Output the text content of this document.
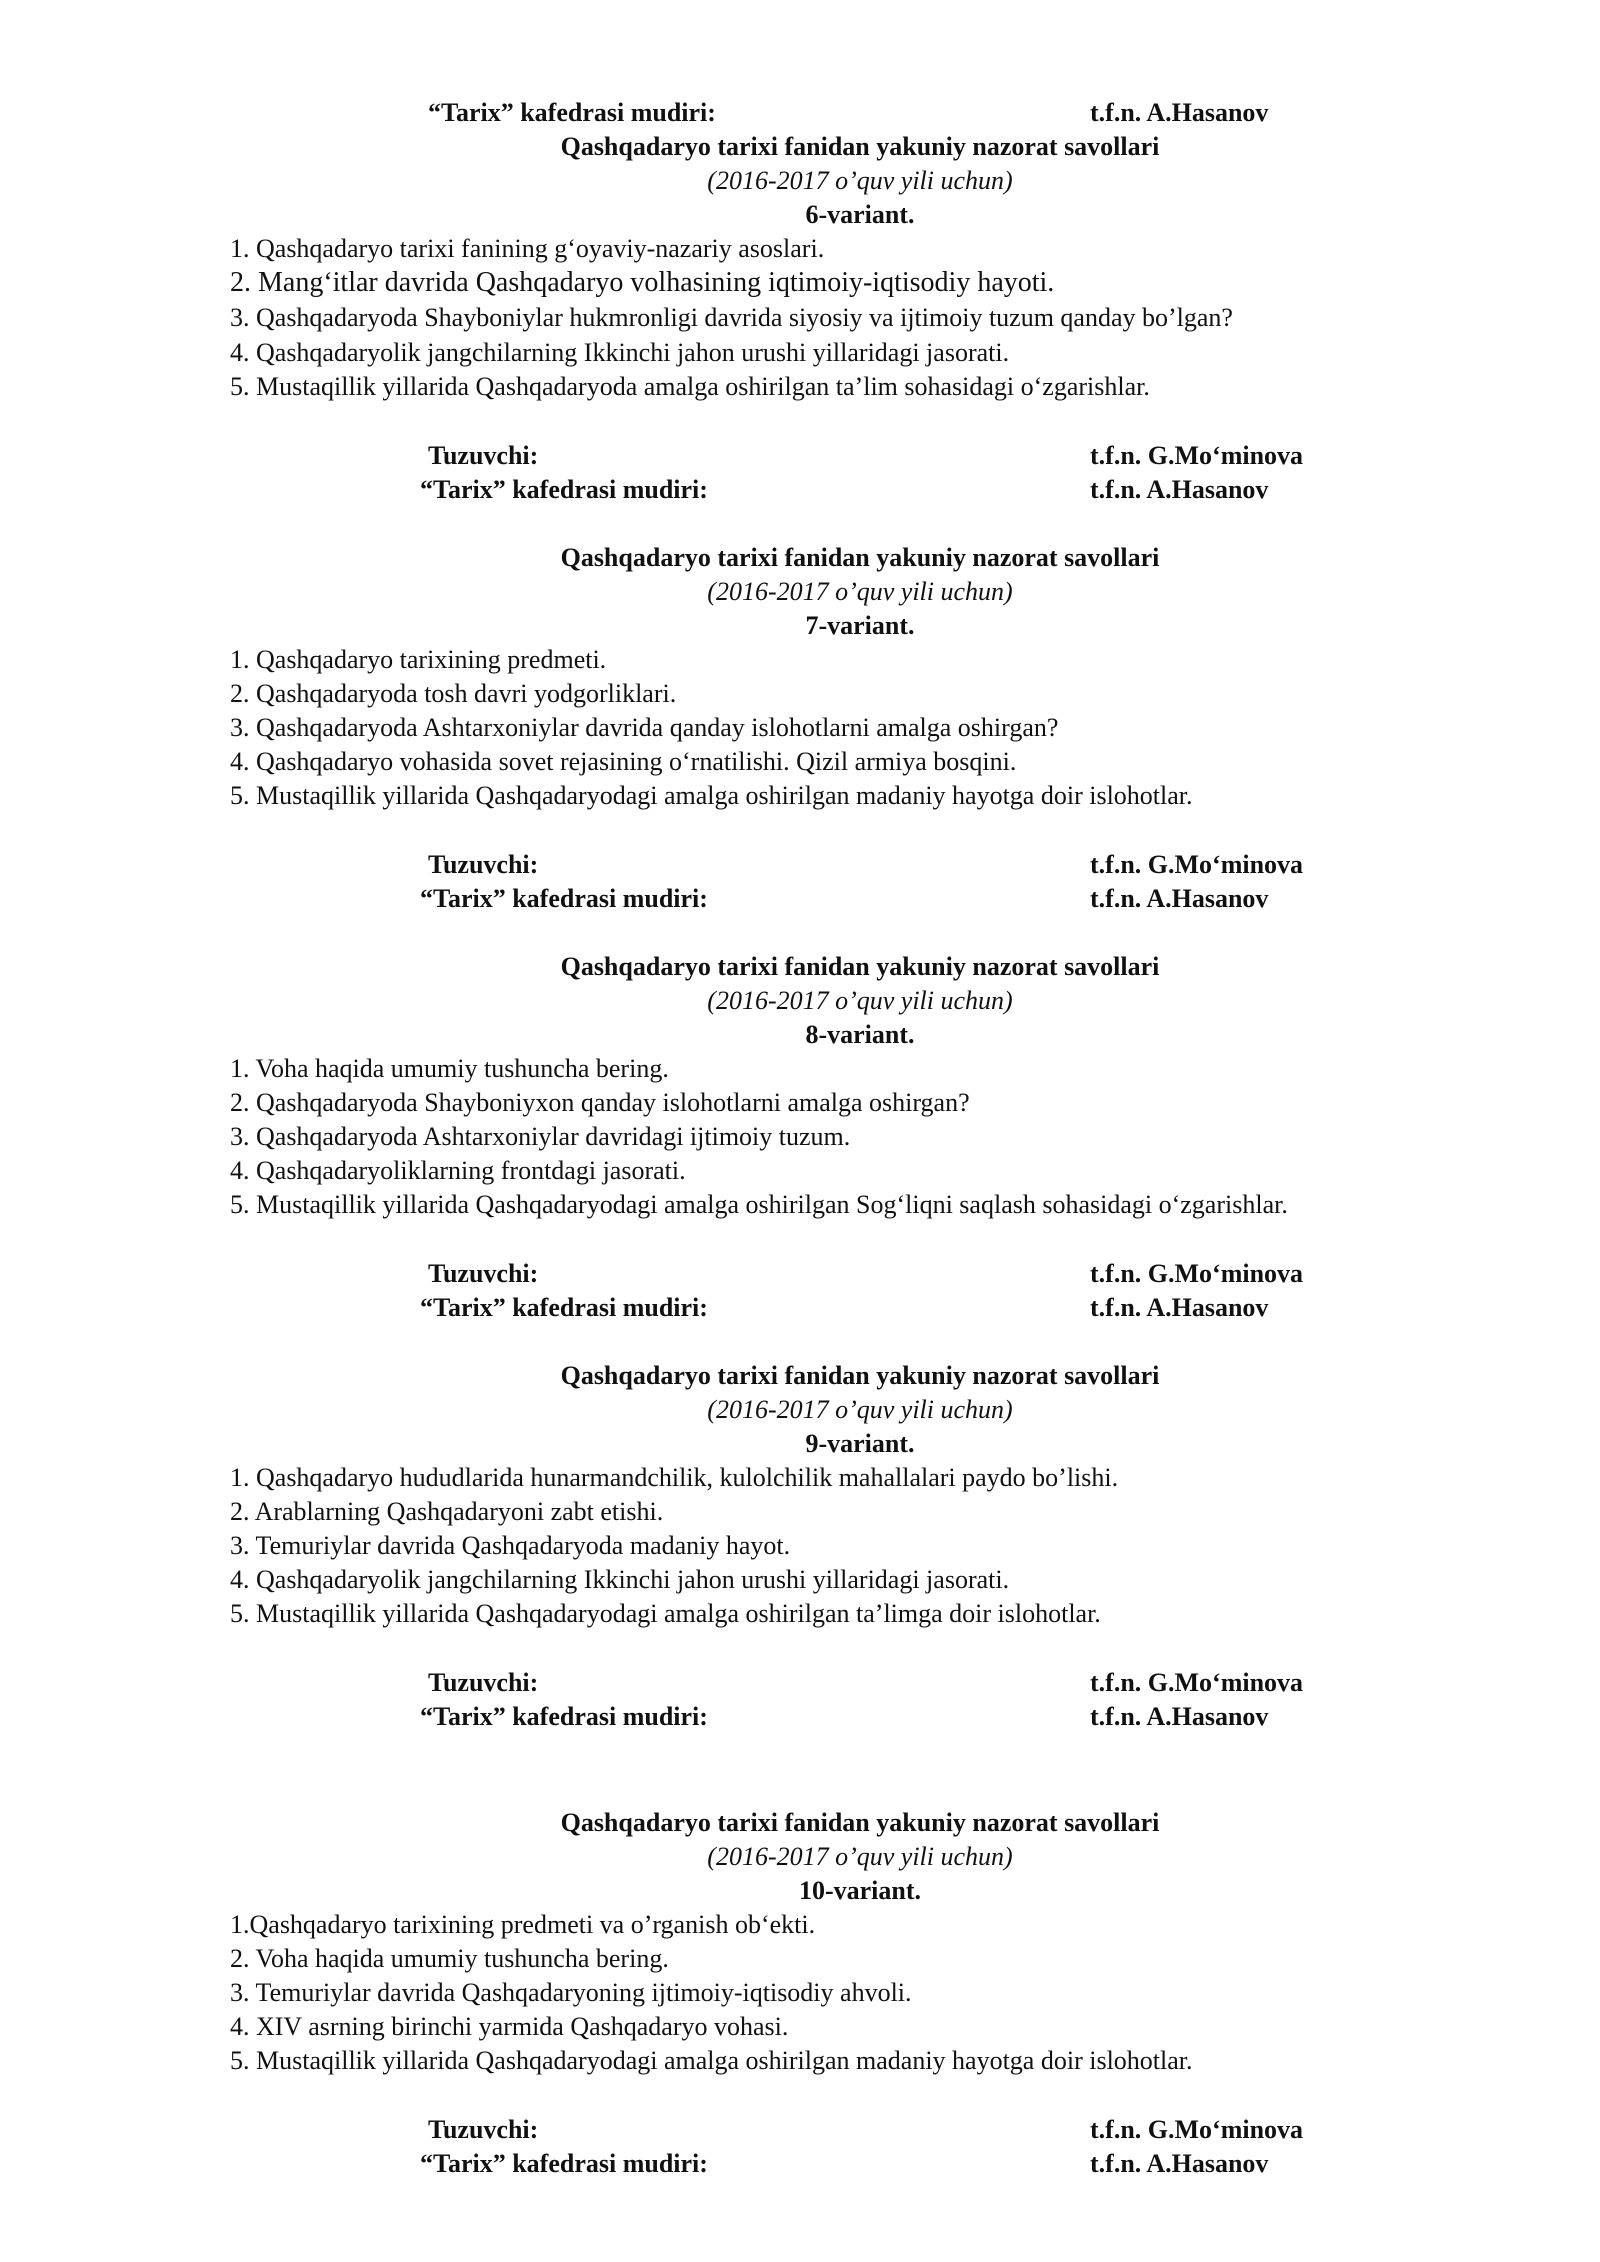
“Tarix” kafedrasi mudiri:	t.f.n. A.Hasanov
Qashqadaryo tarixi fanidan yakuniy nazorat savollari
(2016-2017 o’quv yili uchun)
6-variant.
1. Qashqadaryo tarixi fanining g‘oyaviy-nazariy asoslari.
2. Mang‘itlar davrida Qashqadaryo volhasining iqtimoiy-iqtisodiy hayoti.
3. Qashqadaryoda Shayboniylar hukmronligi davrida siyosiy va ijtimoiy tuzum qanday bo’lgan?
4. Qashqadaryolik jangchilarning Ikkinchi jahon urushi yillaridagi jasorati.
5. Mustaqillik yillarida Qashqadaryoda amalga oshirilgan ta’lim sohasidagi o‘zgarishlar.
Tuzuvchi:	t.f.n. G.Mo‘minova
“Tarix” kafedrasi mudiri:	t.f.n. A.Hasanov
Qashqadaryo tarixi fanidan yakuniy nazorat savollari
(2016-2017 o’quv yili uchun)
7-variant.
1. Qashqadaryo tarixining predmeti.
2. Qashqadaryoda tosh davri yodgorliklari.
3. Qashqadaryoda Ashtarxoniylar davrida qanday islohotlarni amalga oshirgan?
4. Qashqadaryo vohasida sovet rejasining o‘rnatilishi. Qizil armiya bosqini.
5. Mustaqillik yillarida Qashqadaryodagi amalga oshirilgan madaniy hayotga doir islohotlar.
Tuzuvchi:	t.f.n. G.Mo‘minova
“Tarix” kafedrasi mudiri:	t.f.n. A.Hasanov
Qashqadaryo tarixi fanidan yakuniy nazorat savollari
(2016-2017 o’quv yili uchun)
8-variant.
1. Voha haqida umumiy tushuncha bering.
2. Qashqadaryoda Shayboniyxon qanday islohotlarni amalga oshirgan?
3. Qashqadaryoda Ashtarxoniylar davridagi ijtimoiy tuzum.
4. Qashqadaryoliklarning frontdagi jasorati.
5. Mustaqillik yillarida Qashqadaryodagi amalga oshirilgan Sog‘liqni saqlash sohasidagi o‘zgarishlar.
Tuzuvchi:	t.f.n. G.Mo‘minova
“Tarix” kafedrasi mudiri:	t.f.n. A.Hasanov
Qashqadaryo tarixi fanidan yakuniy nazorat savollari
(2016-2017 o’quv yili uchun)
9-variant.
1. Qashqadaryo hududlarida hunarmandchilik, kulolchilik mahallalari paydo bo’lishi.
2. Arablarning Qashqadaryoni zabt etishi.
3. Temuriylar davrida Qashqadaryoda madaniy hayot.
4. Qashqadaryolik jangchilarning Ikkinchi jahon urushi yillaridagi jasorati.
5. Mustaqillik yillarida Qashqadaryodagi amalga oshirilgan ta’limga doir islohotlar.
Tuzuvchi:	t.f.n. G.Mo‘minova
“Tarix” kafedrasi mudiri:	t.f.n. A.Hasanov
Qashqadaryo tarixi fanidan yakuniy nazorat savollari
(2016-2017 o’quv yili uchun)
10-variant.
1.Qashqadaryo tarixining predmeti va o’rganish ob‘ekti.
2. Voha haqida umumiy tushuncha bering.
3. Temuriylar davrida Qashqadaryoning ijtimoiy-iqtisodiy ahvoli.
4. XIV asrning birinchi yarmida Qashqadaryo vohasi.
5. Mustaqillik yillarida Qashqadaryodagi amalga oshirilgan madaniy hayotga doir islohotlar.
Tuzuvchi:	t.f.n. G.Mo‘minova
“Tarix” kafedrasi mudiri:	t.f.n. A.Hasanov
